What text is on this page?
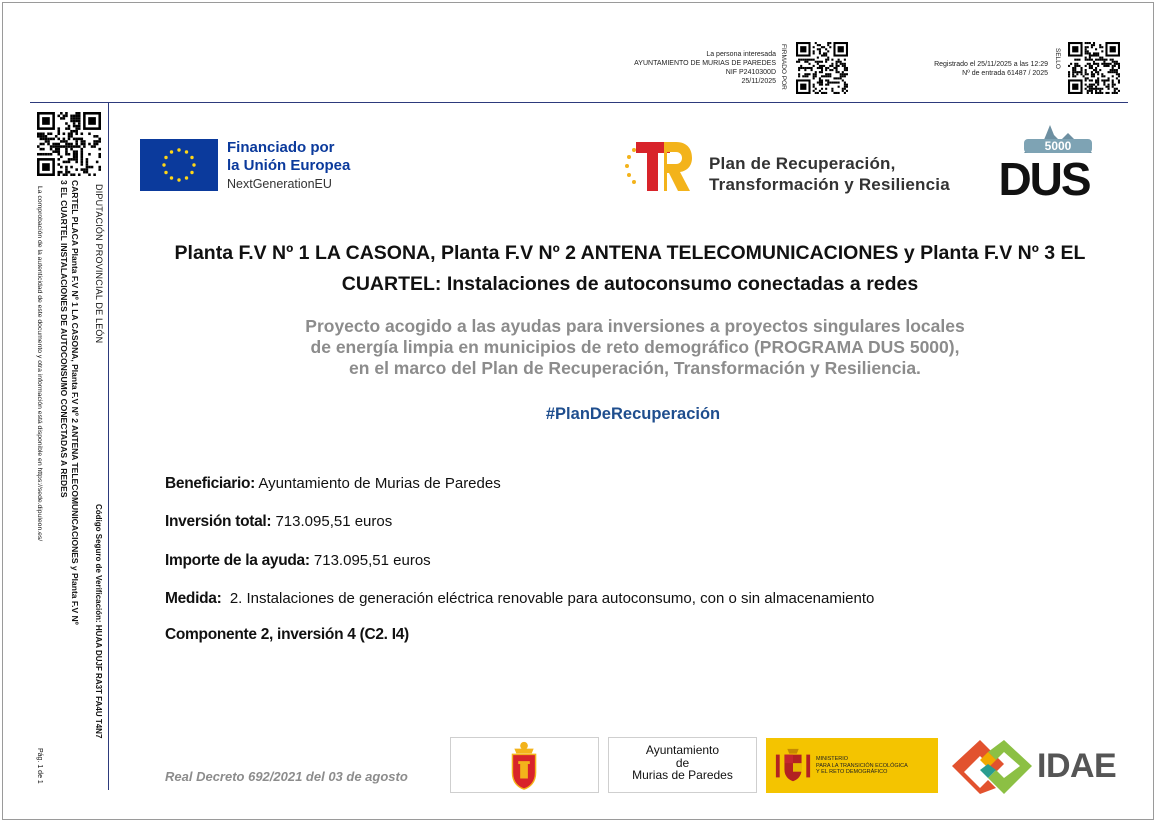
La persona interesada
AYUNTAMIENTO DE MURIAS DE PAREDES
NIF P2410300D
25/11/2025 FIRMADO POR	Registrado el 25/11/2025 a las 12:29
Nº de entrada 61487 / 2025
SELLO
DIPUTACIÓN PROVINCIAL DE LEÓN
Código Seguro de Verificación: HUAA DUJF RA3T FA4U T4N7
CARTEL PLACA Planta F.V Nº 1 LA CASONA, Planta F.V Nº 2 ANTENA TELECOMUNICACIONES y Planta F.V Nº
3 EL CUARTEL INSTALACIONES DE AUTOCONSUMO CONECTADAS A REDES
La comprobación de la autenticidad de este documento y otra información está disponible en https://sede.dipuleon.es/
Pág. 1 de 1
Financiado por
la Unión Europea
NextGenerationEU
Plan de Recuperación,
Transformación y Resiliencia
5000
DUS
Planta F.V Nº 1 LA CASONA, Planta F.V Nº 2 ANTENA TELECOMUNICACIONES y Planta F.V Nº 3 EL CUARTEL: Instalaciones de autoconsumo conectadas a redes
Proyecto acogido a las ayudas para inversiones a proyectos singulares locales
de energía limpia en municipios de reto demográfico (PROGRAMA DUS 5000),
en el marco del Plan de Recuperación, Transformación y Resiliencia.
#PlanDeRecuperación
Beneficiario: Ayuntamiento de Murias de Paredes
Inversión total: 713.095,51 euros
Importe de la ayuda: 713.095,51 euros
Medida: 2. Instalaciones de generación eléctrica renovable para autoconsumo, con o sin almacenamiento
Componente 2, inversión 4 (C2. I4)
Real Decreto 692/2021 del 03 de agosto
Ayuntamiento
de
Murias de Paredes
MINISTERIO
PARA LA TRANSICIÓN ECOLÓGICA
Y EL RETO DEMOGRÁFICO	IDAE
